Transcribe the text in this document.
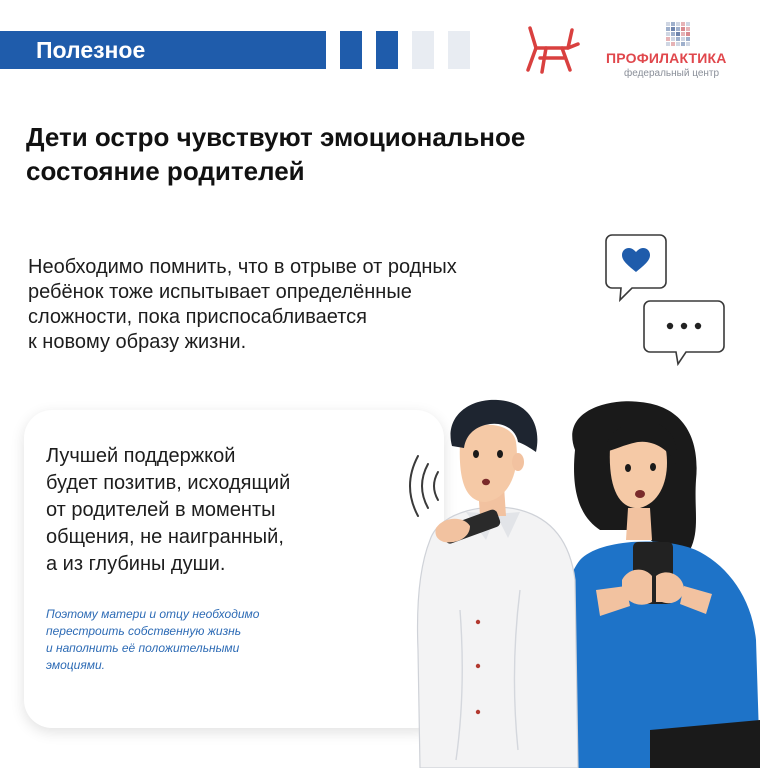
Полезное	ПРОФИЛАКТИКА
федеральный центр
Дети остро чувствуют эмоциональное
состояние родителей

Необходимо помнить, что в отрыве от родных
ребёнок тоже испытывает определённые
сложности, пока приспосабливается
к новому образу жизни.

Лучшей поддержкой
будет позитив, исходящий
от родителей в моменты
общения, не наигранный,
а из глубины души.

Поэтому матери и отцу необходимо
перестроить собственную жизнь
и наполнить её положительными
эмоциями.
